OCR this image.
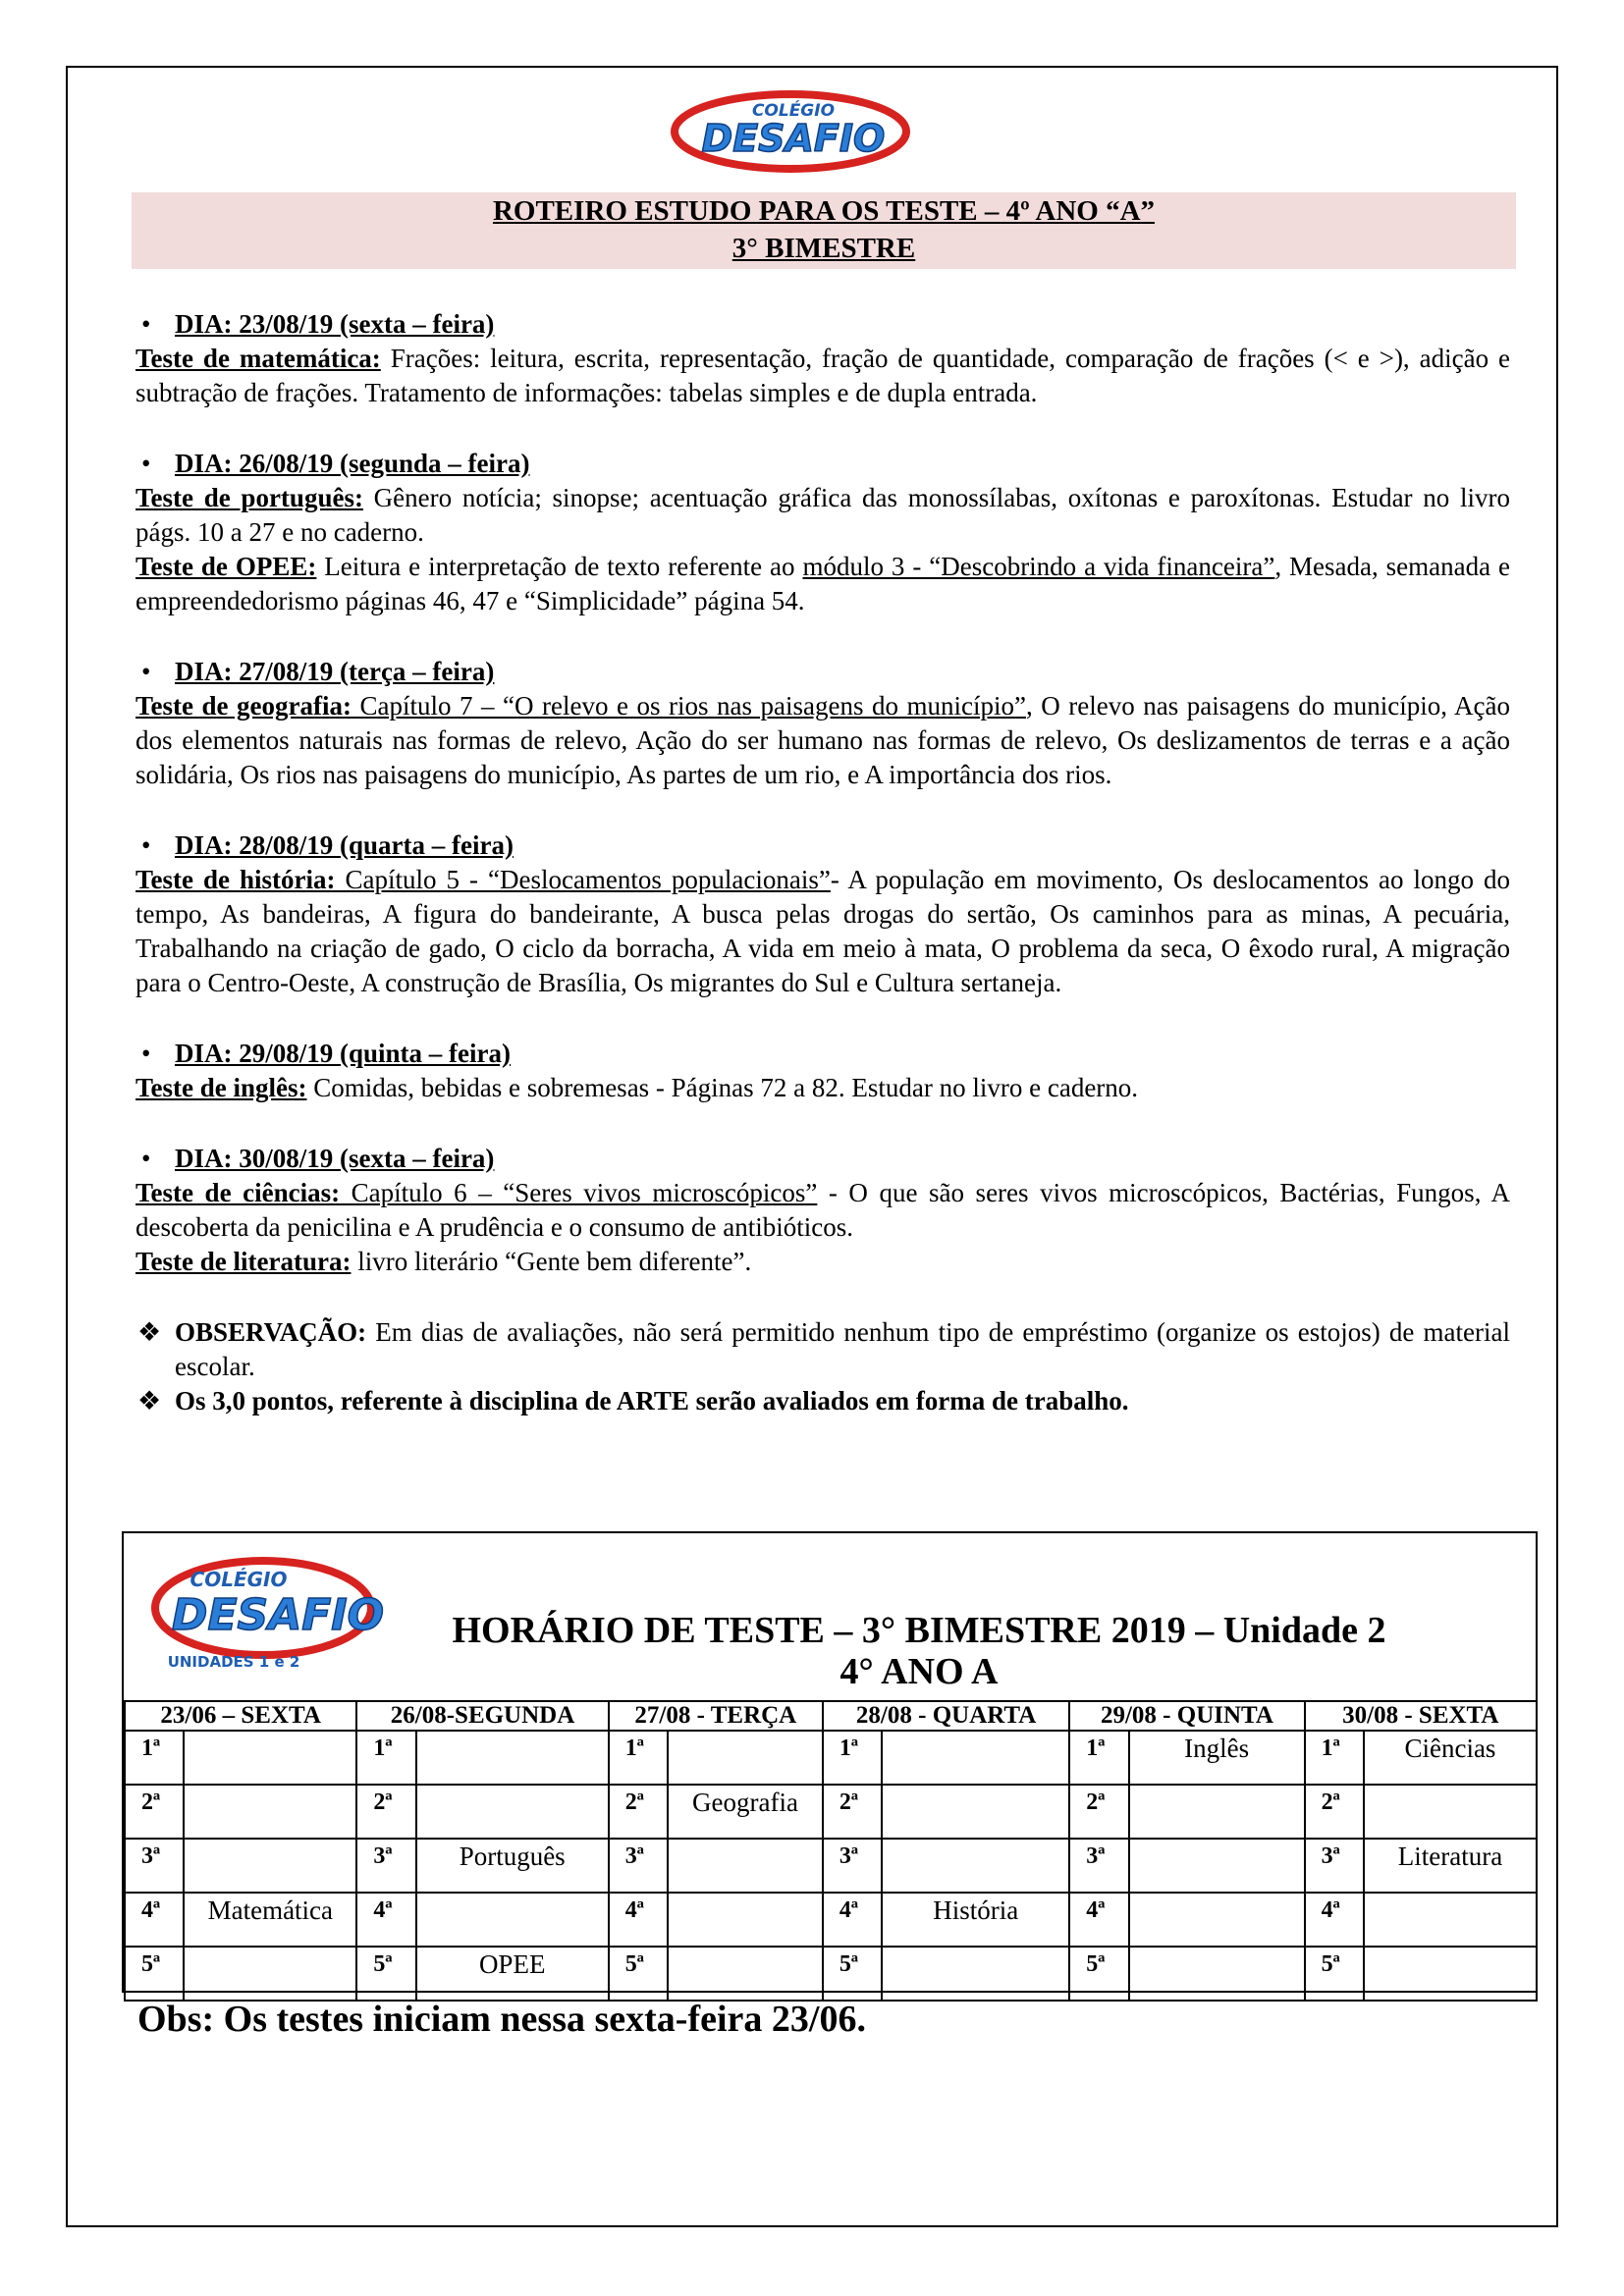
COLÉGIO
DESAFIO
ROTEIRO ESTUDO PARA OS TESTE – 4º ANO “A”
3° BIMESTRE
• DIA: 23/08/19 (sexta – feira)
Teste de matemática: Frações: leitura, escrita, representação, fração de quantidade, comparação de frações (< e >), adição e subtração de frações. Tratamento de informações: tabelas simples e de dupla entrada.
• DIA: 26/08/19 (segunda – feira)
Teste de português: Gênero notícia; sinopse; acentuação gráfica das monossílabas, oxítonas e paroxítonas. Estudar no livro págs. 10 a 27 e no caderno.
Teste de OPEE: Leitura e interpretação de texto referente ao módulo 3 - “Descobrindo a vida financeira”, Mesada, semanada e empreendedorismo páginas 46, 47 e “Simplicidade” página 54.
• DIA: 27/08/19 (terça – feira)
Teste de geografia: Capítulo 7 – “O relevo e os rios nas paisagens do município”, O relevo nas paisagens do município, Ação dos elementos naturais nas formas de relevo, Ação do ser humano nas formas de relevo, Os deslizamentos de terras e a ação solidária, Os rios nas paisagens do município, As partes de um rio, e A importância dos rios.
• DIA: 28/08/19 (quarta – feira)
Teste de história: Capítulo 5 - “Deslocamentos populacionais”- A população em movimento, Os deslocamentos ao longo do tempo, As bandeiras, A figura do bandeirante, A busca pelas drogas do sertão, Os caminhos para as minas, A pecuária, Trabalhando na criação de gado, O ciclo da borracha, A vida em meio à mata, O problema da seca, O êxodo rural, A migração para o Centro-Oeste, A construção de Brasília, Os migrantes do Sul e Cultura sertaneja.
• DIA: 29/08/19 (quinta – feira)
Teste de inglês: Comidas, bebidas e sobremesas - Páginas 72 a 82. Estudar no livro e caderno.
• DIA: 30/08/19 (sexta – feira)
Teste de ciências: Capítulo 6 – “Seres vivos microscópicos” - O que são seres vivos microscópicos, Bactérias, Fungos, A descoberta da penicilina e A prudência e o consumo de antibióticos.
Teste de literatura: livro literário “Gente bem diferente”.
❖ OBSERVAÇÃO: Em dias de avaliações, não será permitido nenhum tipo de empréstimo (organize os estojos) de material escolar.
❖ Os 3,0 pontos, referente à disciplina de ARTE serão avaliados em forma de trabalho.
COLÉGIO
DESAFIO
UNIDADES 1 e 2
HORÁRIO DE TESTE – 3° BIMESTRE 2019 – Unidade 2
4° ANO A
23/06 – SEXTA		26/08-SEGUNDA		27/08 - TERÇA		28/08 - QUARTA		29/08 - QUINTA		30/08 - SEXTA	
1ª		1ª		1ª		1ª		1ª	Inglês	1ª	Ciências
2ª		2ª		2ª	Geografia	2ª		2ª		2ª	
3ª		3ª	Português	3ª		3ª		3ª		3ª	Literatura
4ª	Matemática	4ª		4ª		4ª	História	4ª		4ª	
5ª		5ª	OPEE	5ª		5ª		5ª		5ª	
Obs: Os testes iniciam nessa sexta-feira 23/06.
